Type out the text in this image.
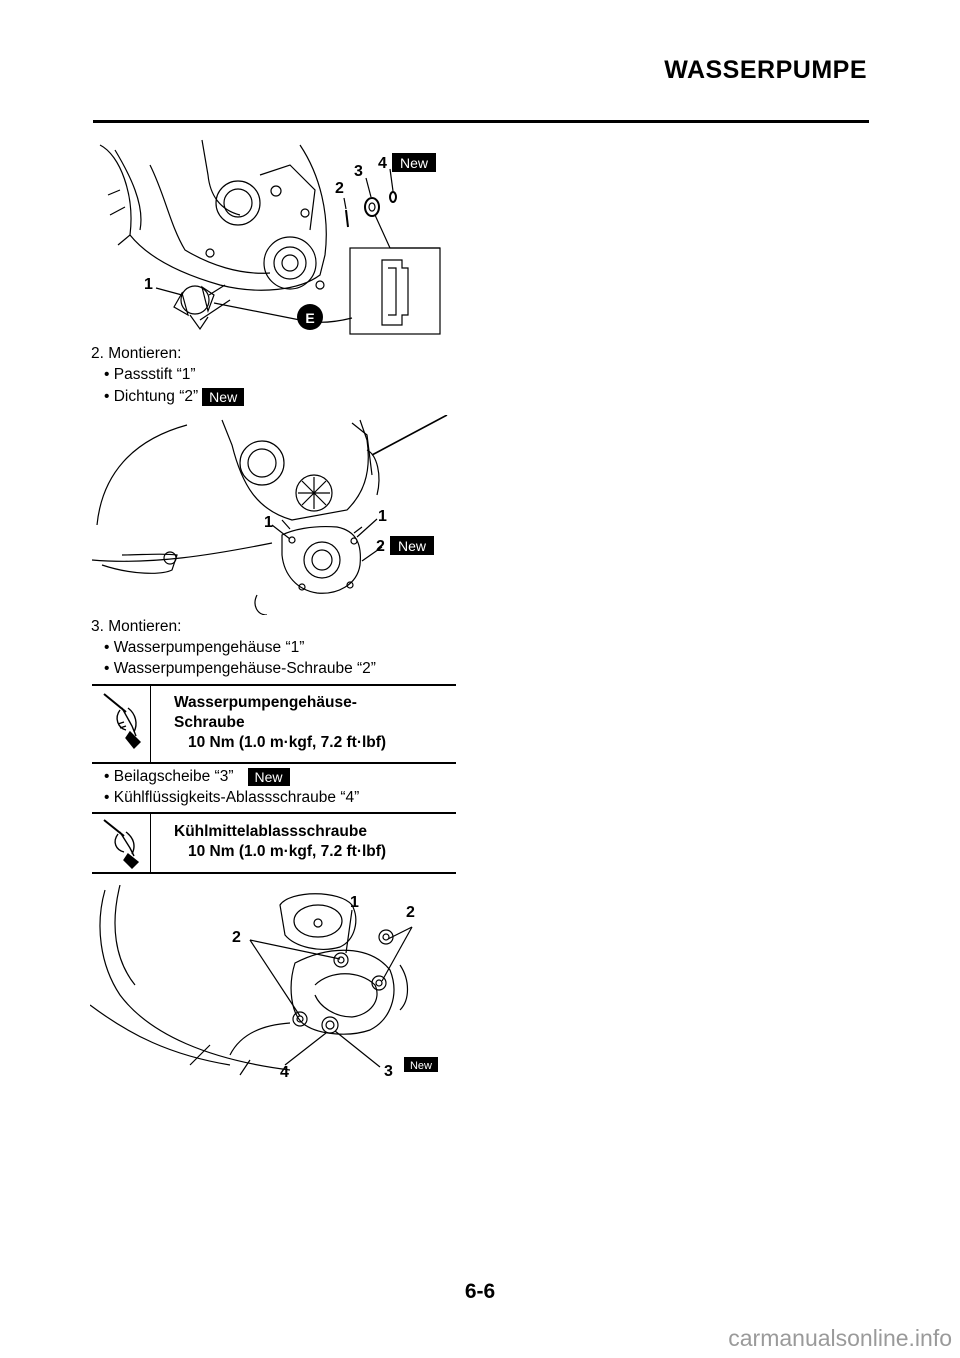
WASSERPUMPE
E
1
2
3 4 New
2. Montieren:
• Passstift “1”
• Dichtung “2” New
1	1
2 New
3. Montieren:
• Wasserpumpengehäuse “1”
• Wasserpumpengehäuse-Schraube “2”
Wasserpumpengehäuse-
Schraube
10 Nm (1.0 m·kgf, 7.2 ft·lbf)
• Beilagscheibe “3” New
• Kühlflüssigkeits-Ablassschraube “4”
Kühlmittelablassschraube
10 Nm (1.0 m·kgf, 7.2 ft·lbf)
1
2
2
3
4	New
6-6
carmanualsonline.info
